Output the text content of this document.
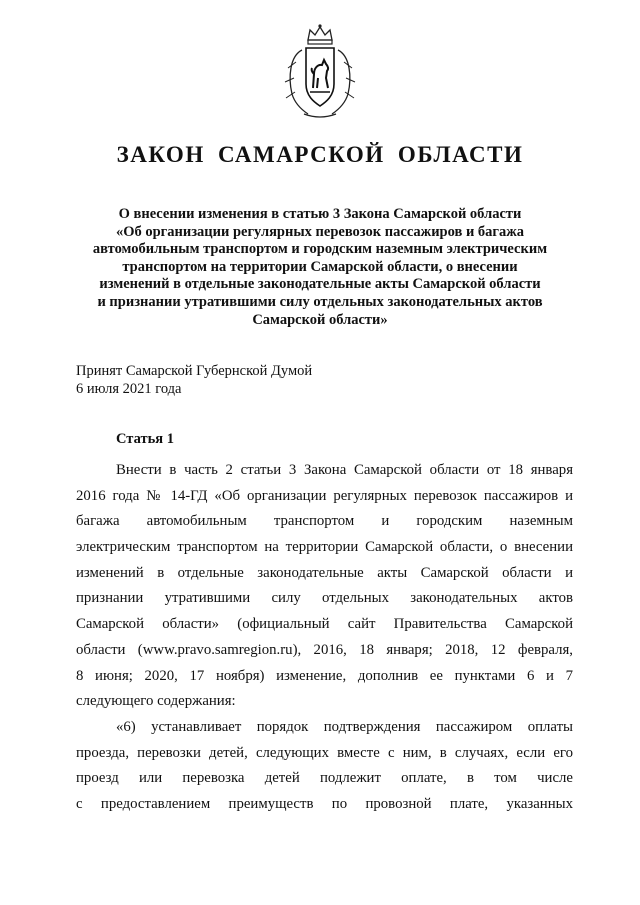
ЗАКОН САМАРСКОЙ ОБЛАСТИ
О внесении изменения в статью 3 Закона Самарской области
«Об организации регулярных перевозок пассажиров и багажа
автомобильным транспортом и городским наземным электрическим
транспортом на территории Самарской области, о внесении
изменений в отдельные законодательные акты Самарской области
и признании утратившими силу отдельных законодательных актов
Самарской области»
Принят Самарской Губернской Думой
6 июля 2021 года
Статья 1
Внести в часть 2 статьи 3 Закона Самарской области от 18 января
2016 года № 14-ГД «Об организации регулярных перевозок пассажиров и
багажа автомобильным транспортом и городским наземным
электрическим транспортом на территории Самарской области, о внесении
изменений в отдельные законодательные акты Самарской области и
признании утратившими силу отдельных законодательных актов
Самарской области» (официальный сайт Правительства Самарской
области (www.pravo.samregion.ru), 2016, 18 января; 2018, 12 февраля,
8 июня; 2020, 17 ноября) изменение, дополнив ее пунктами 6 и 7
следующего содержания:
«6) устанавливает порядок подтверждения пассажиром оплаты
проезда, перевозки детей, следующих вместе с ним, в случаях, если его
проезд или перевозка детей подлежит оплате, в том числе
с предоставлением преимуществ по провозной плате, указанных
